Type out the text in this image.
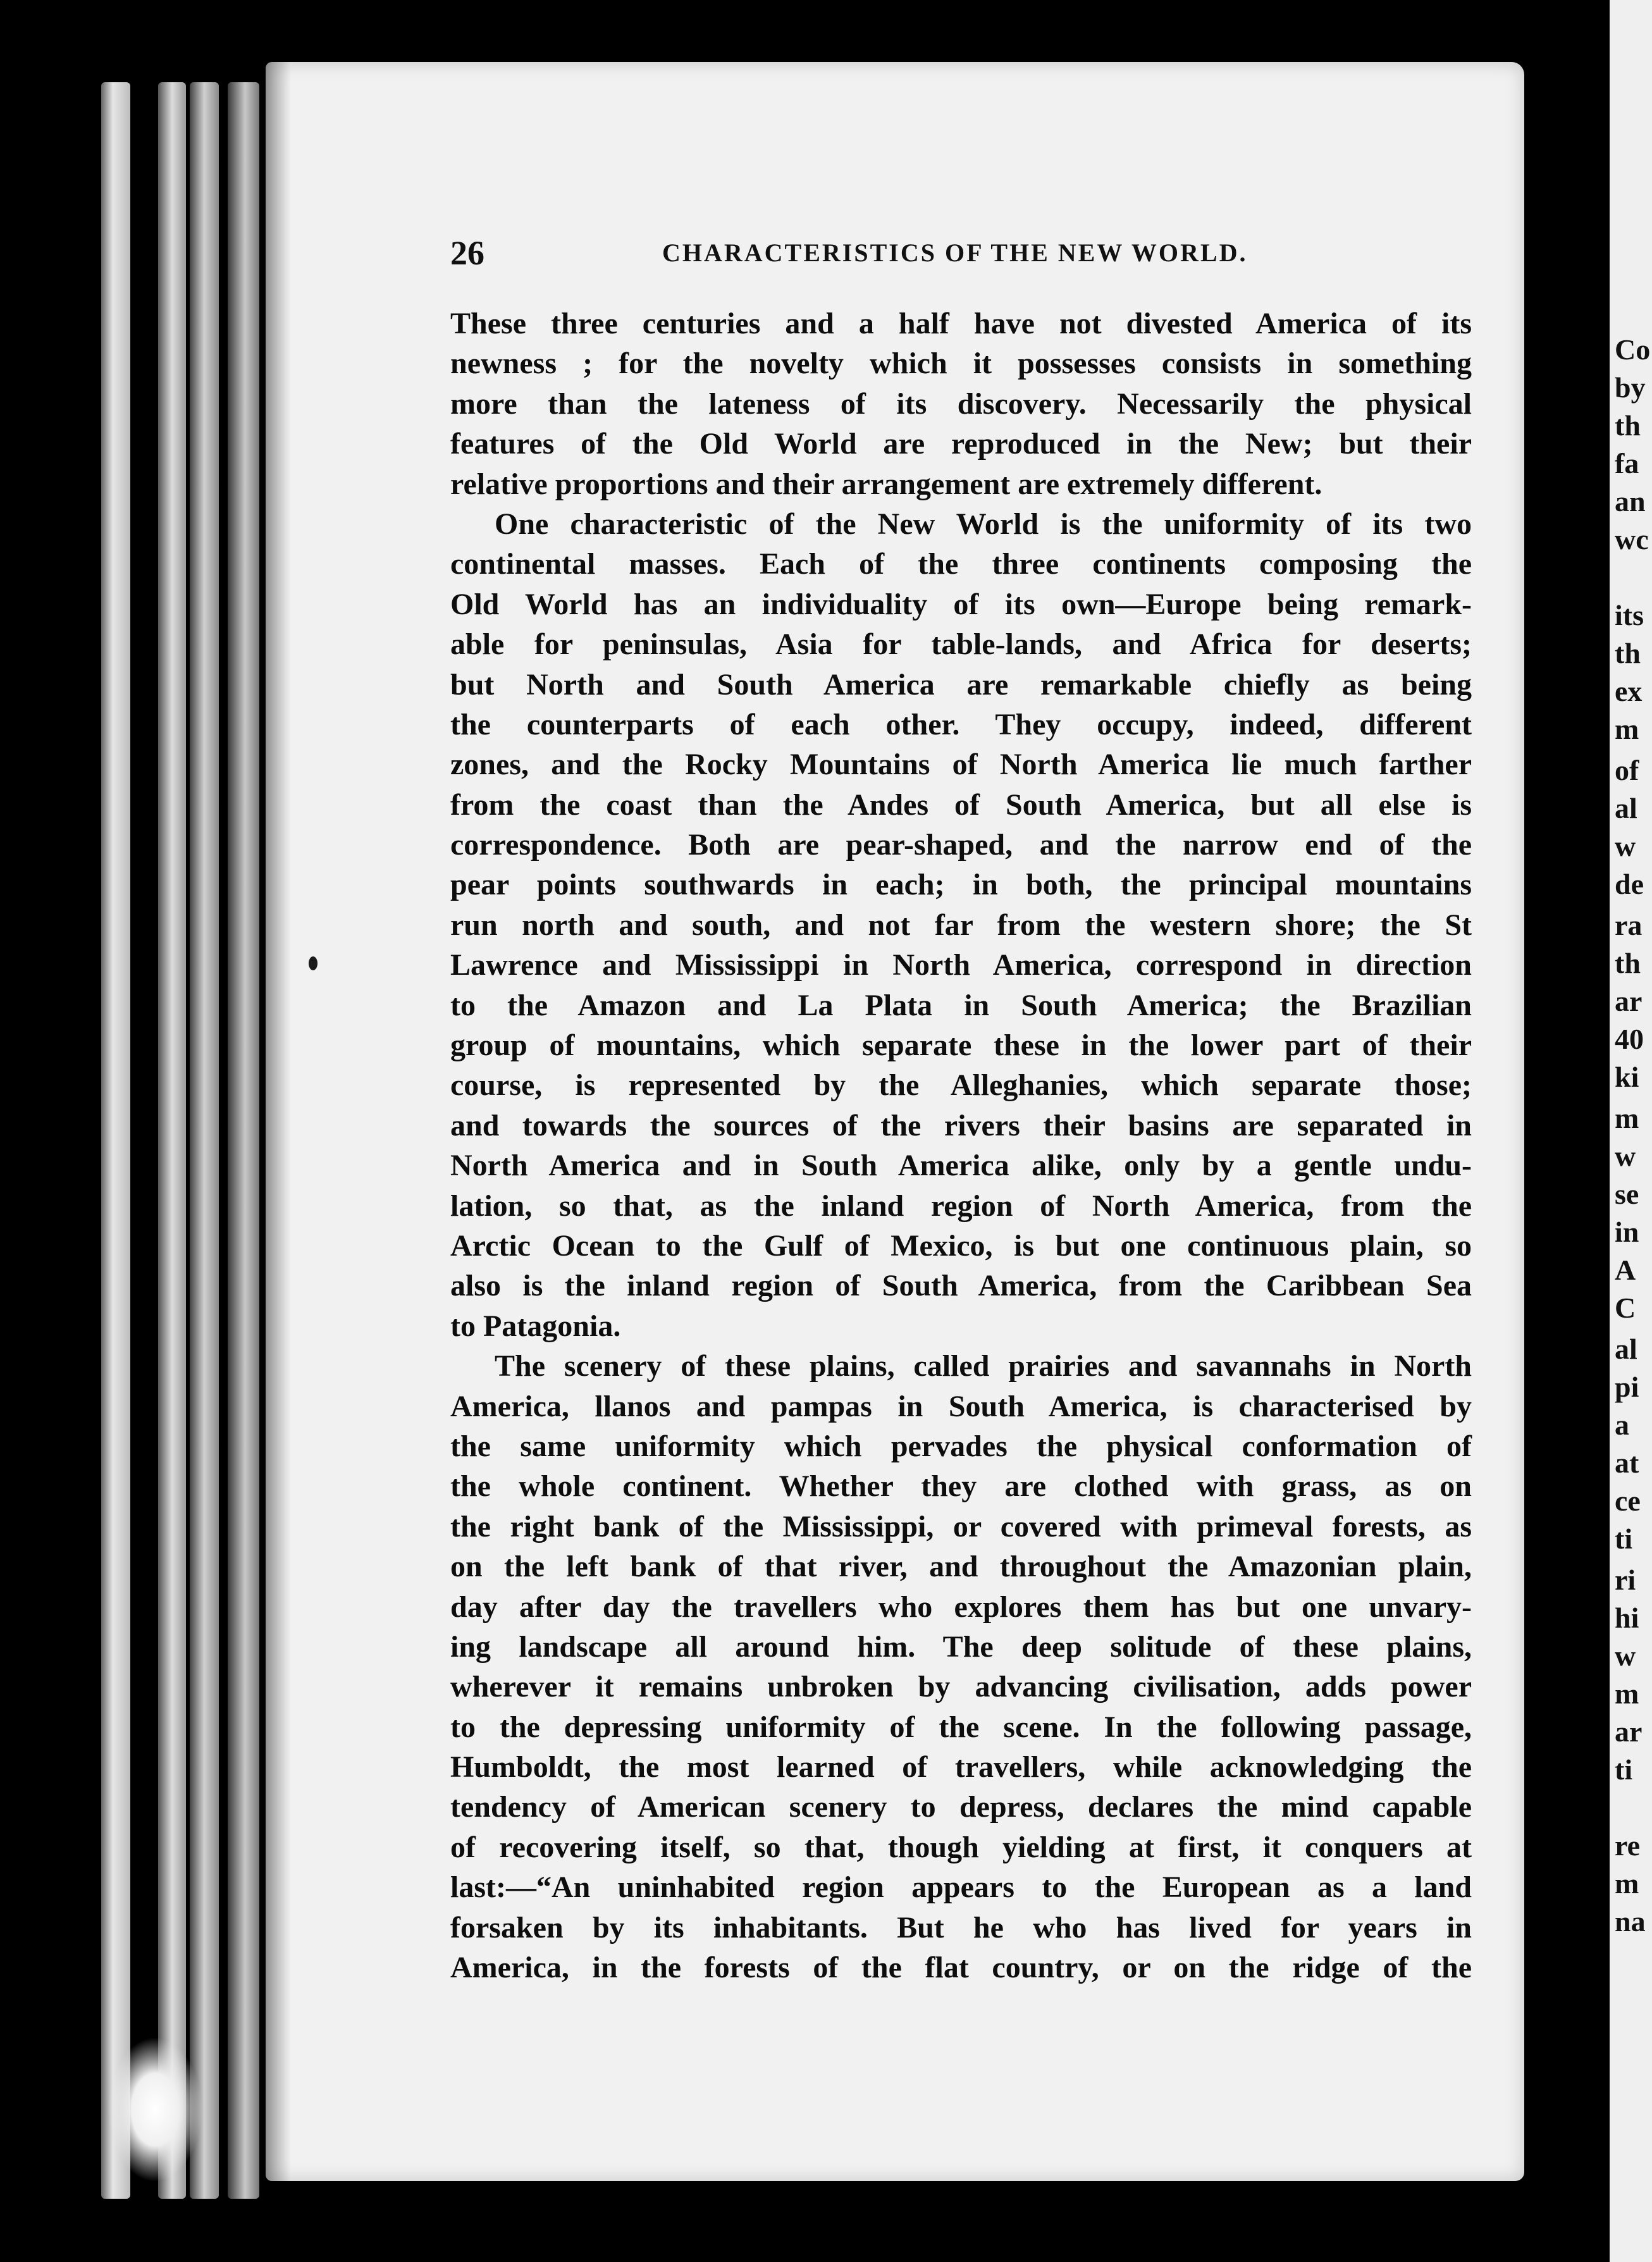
26	CHARACTERISTICS OF THE NEW WORLD.
These three centuries and a half have not divested America of its
newness ; for the novelty which it possesses consists in something
more than the lateness of its discovery. Necessarily the physical
features of the Old World are reproduced in the New; but their
relative proportions and their arrangement are extremely different.
One characteristic of the New World is the uniformity of its two
continental masses. Each of the three continents composing the
Old World has an individuality of its own—Europe being remark-
able for peninsulas, Asia for table-lands, and Africa for deserts;
but North and South America are remarkable chiefly as being
the counterparts of each other. They occupy, indeed, different
zones, and the Rocky Mountains of North America lie much farther
from the coast than the Andes of South America, but all else is
correspondence. Both are pear-shaped, and the narrow end of the
pear points southwards in each; in both, the principal mountains
run north and south, and not far from the western shore; the St
Lawrence and Mississippi in North America, correspond in direction
to the Amazon and La Plata in South America; the Brazilian
group of mountains, which separate these in the lower part of their
course, is represented by the Alleghanies, which separate those;
and towards the sources of the rivers their basins are separated in
North America and in South America alike, only by a gentle undu-
lation, so that, as the inland region of North America, from the
Arctic Ocean to the Gulf of Mexico, is but one continuous plain, so
also is the inland region of South America, from the Caribbean Sea
to Patagonia.
The scenery of these plains, called prairies and savannahs in North
America, llanos and pampas in South America, is characterised by
the same uniformity which pervades the physical conformation of
the whole continent. Whether they are clothed with grass, as on
the right bank of the Mississippi, or covered with primeval forests, as
on the left bank of that river, and throughout the Amazonian plain,
day after day the travellers who explores them has but one unvary-
ing landscape all around him. The deep solitude of these plains,
wherever it remains unbroken by advancing civilisation, adds power
to the depressing uniformity of the scene. In the following passage,
Humboldt, the most learned of travellers, while acknowledging the
tendency of American scenery to depress, declares the mind capable
of recovering itself, so that, though yielding at first, it conquers at
last:—“An uninhabited region appears to the European as a land
forsaken by its inhabitants. But he who has lived for years in
America, in the forests of the flat country, or on the ridge of the
Co
by
th
fa
an
wc
its
th
ex
m
of
al
w
de
ra
th
ar
40
ki
m
w
se
in
A
C
al
pi
a
at
ce
ti
ri
hi
w
m
ar
ti
re
m
na
